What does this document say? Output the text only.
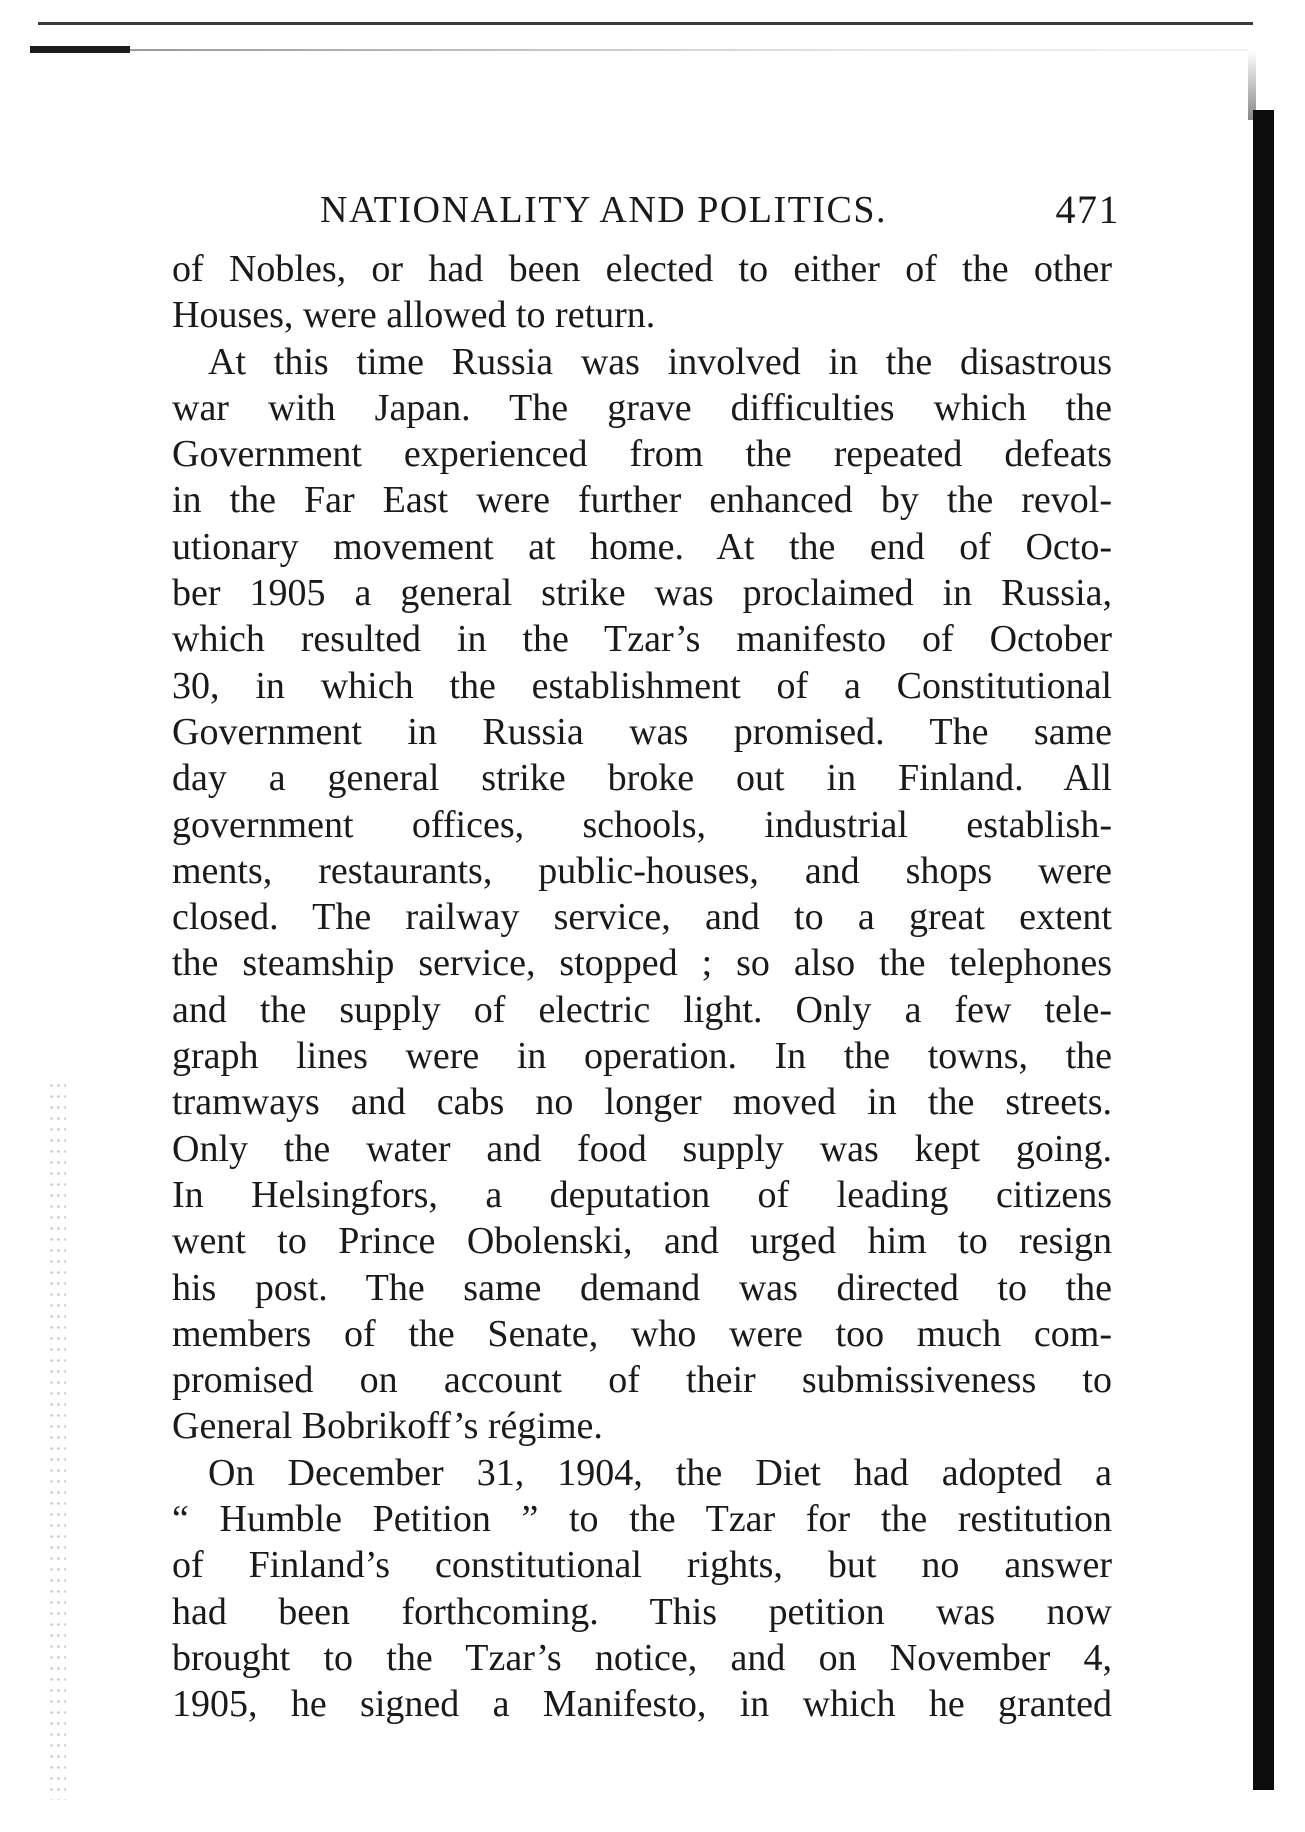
NATIONALITY AND POLITICS.	471
of Nobles, or had been elected to either of the other
Houses, were allowed to return.
At this time Russia was involved in the disastrous
war with Japan. The grave difficulties which the
Government experienced from the repeated defeats
in the Far East were further enhanced by the revol-
utionary movement at home. At the end of Octo-
ber 1905 a general strike was proclaimed in Russia,
which resulted in the Tzar’s manifesto of October
30, in which the establishment of a Constitutional
Government in Russia was promised. The same
day a general strike broke out in Finland. All
government offices, schools, industrial establish-
ments, restaurants, public-houses, and shops were
closed. The railway service, and to a great extent
the steamship service, stopped ; so also the telephones
and the supply of electric light. Only a few tele-
graph lines were in operation. In the towns, the
tramways and cabs no longer moved in the streets.
Only the water and food supply was kept going.
In Helsingfors, a deputation of leading citizens
went to Prince Obolenski, and urged him to resign
his post. The same demand was directed to the
members of the Senate, who were too much com-
promised on account of their submissiveness to
General Bobrikoff’s régime.
On December 31, 1904, the Diet had adopted a
“ Humble Petition ” to the Tzar for the restitution
of Finland’s constitutional rights, but no answer
had been forthcoming. This petition was now
brought to the Tzar’s notice, and on November 4,
1905, he signed a Manifesto, in which he granted
